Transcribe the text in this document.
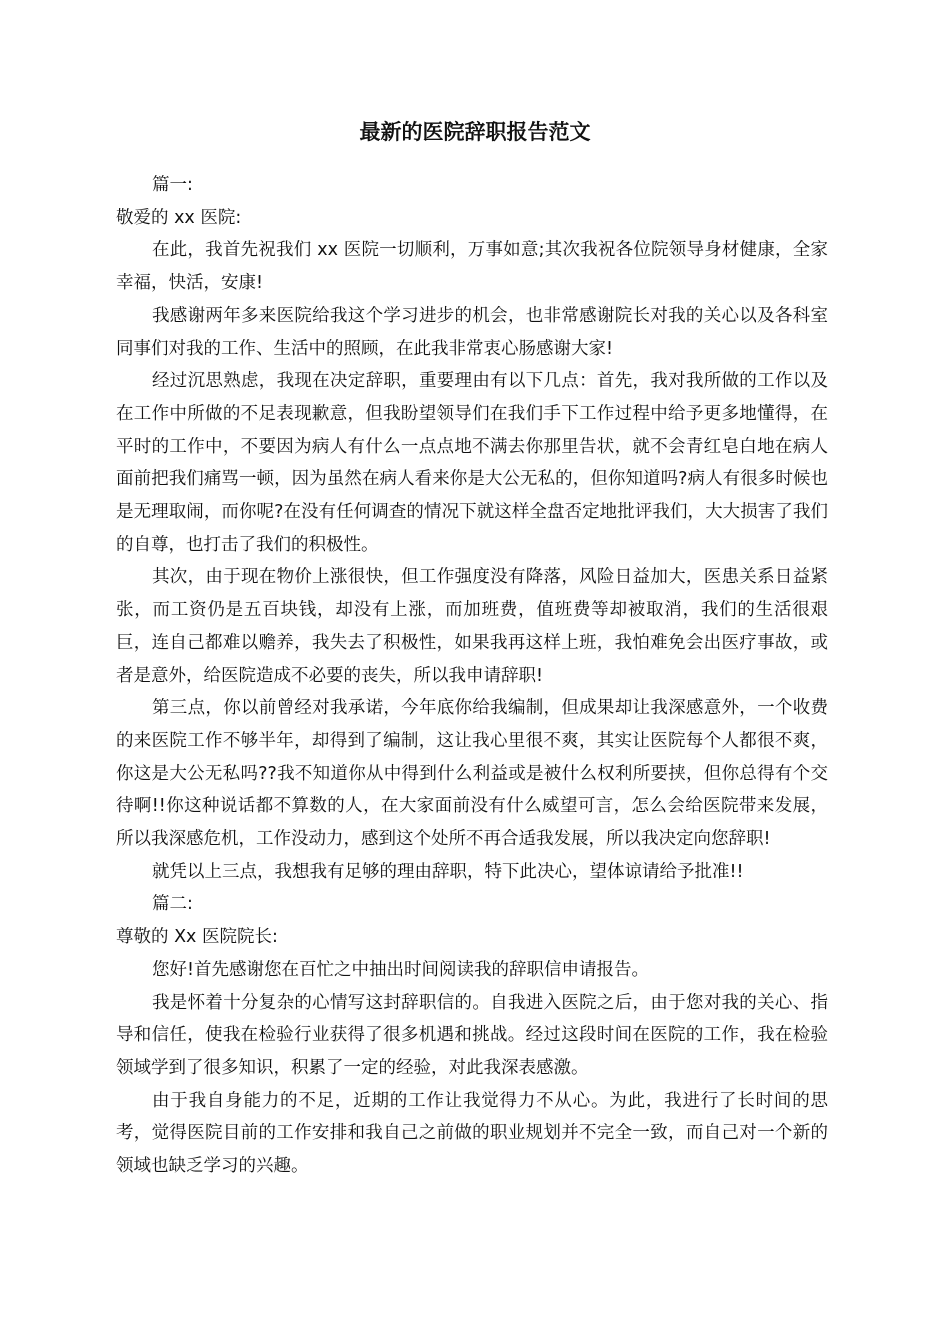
最新的医院辞职报告范文

篇一:

敬爱的 xx 医院:

在此，我首先祝我们 xx 医院一切顺利，万事如意;其次我祝各位院领导身材健康，全家幸福，快活，安康!

我感谢两年多来医院给我这个学习进步的机会，也非常感谢院长对我的关心以及各科室同事们对我的工作、生活中的照顾，在此我非常衷心肠感谢大家!

经过沉思熟虑，我现在决定辞职，重要理由有以下几点：首先，我对我所做的工作以及在工作中所做的不足表现歉意，但我盼望领导们在我们手下工作过程中给予更多地懂得，在平时的工作中，不要因为病人有什么一点点地不满去你那里告状，就不会青红皂白地在病人面前把我们痛骂一顿，因为虽然在病人看来你是大公无私的，但你知道吗?病人有很多时候也是无理取闹，而你呢?在没有任何调查的情况下就这样全盘否定地批评我们，大大损害了我们的自尊，也打击了我们的积极性。

其次，由于现在物价上涨很快，但工作强度没有降落，风险日益加大，医患关系日益紧张，而工资仍是五百块钱，却没有上涨，而加班费，值班费等却被取消，我们的生活很艰巨，连自己都难以赡养，我失去了积极性，如果我再这样上班，我怕难免会出医疗事故，或者是意外，给医院造成不必要的丧失，所以我申请辞职!

第三点，你以前曾经对我承诺，今年底你给我编制，但成果却让我深感意外，一个收费的来医院工作不够半年，却得到了编制，这让我心里很不爽，其实让医院每个人都很不爽，你这是大公无私吗??我不知道你从中得到什么利益或是被什么权利所要挟，但你总得有个交待啊!!你这种说话都不算数的人，在大家面前没有什么威望可言，怎么会给医院带来发展，所以我深感危机，工作没动力，感到这个处所不再合适我发展，所以我决定向您辞职!

就凭以上三点，我想我有足够的理由辞职，特下此决心，望体谅请给予批准!!

篇二:

尊敬的 Xx 医院院长:

您好!首先感谢您在百忙之中抽出时间阅读我的辞职信申请报告。

我是怀着十分复杂的心情写这封辞职信的。自我进入医院之后，由于您对我的关心、指导和信任，使我在检验行业获得了很多机遇和挑战。经过这段时间在医院的工作，我在检验领域学到了很多知识，积累了一定的经验，对此我深表感激。

由于我自身能力的不足，近期的工作让我觉得力不从心。为此，我进行了长时间的思考，觉得医院目前的工作安排和我自己之前做的职业规划并不完全一致，而自己对一个新的领域也缺乏学习的兴趣。
